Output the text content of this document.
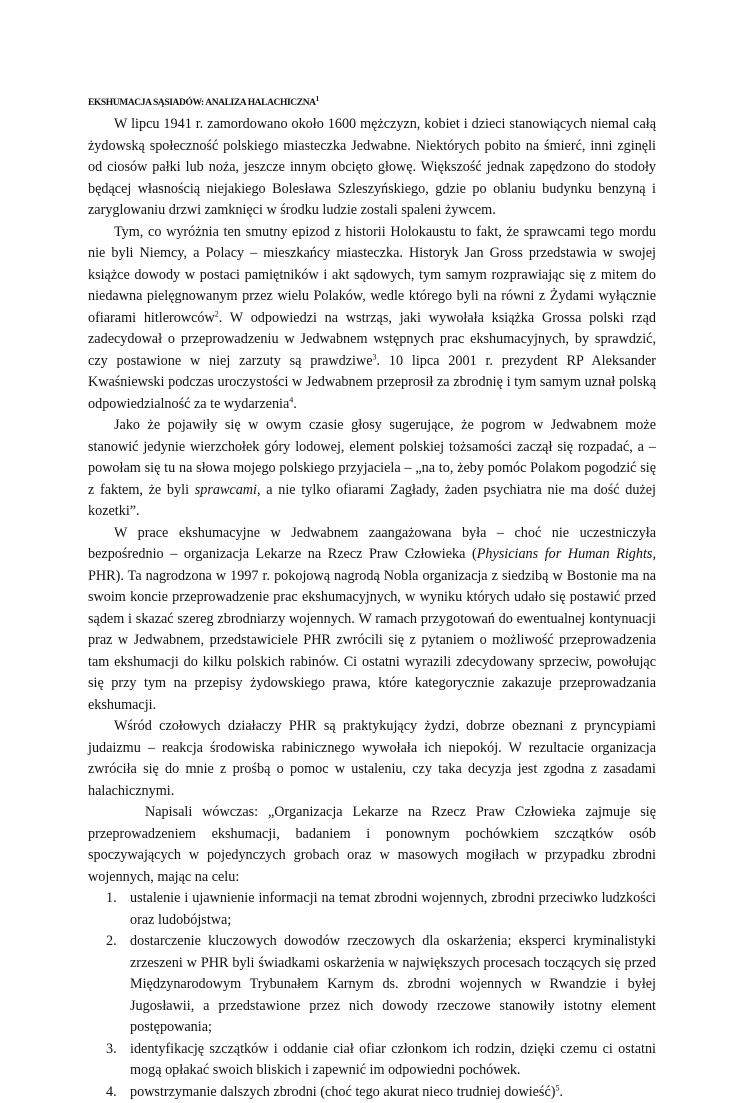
EKSHUMACJA SĄSIADÓW: ANALIZA HALACHICZNA$^1$

W lipcu 1941 r. zamordowano około 1600 mężczyzn, kobiet i dzieci stanowiących niemal całą żydowską społeczność polskiego miasteczka Jedwabne. Niektórych pobito na śmierć, inni zginęli od ciosów pałki lub noża, jeszcze innym obcięto głowę. Większość jednak zapędzono do stodoły będącej własnością niejakiego Bolesława Szleszyńskiego, gdzie po oblaniu budynku benzyną i zaryglowaniu drzwi zamknięci w środku ludzie zostali spaleni żywcem.

Tym, co wyróżnia ten smutny epizod z historii Holokaustu to fakt, że sprawcami tego mordu nie byli Niemcy, a Polacy – mieszkańcy miasteczka. Historyk Jan Gross przedstawia w swojej książce dowody w postaci pamiętników i akt sądowych, tym samym rozprawiając się z mitem do niedawna pielęgnowanym przez wielu Polaków, wedle którego byli na równi z Żydami wyłącznie ofiarami hitlerowców$^2$. W odpowiedzi na wstrząs, jaki wywołała książka Grossa polski rząd zadecydował o przeprowadzeniu w Jedwabnem wstępnych prac ekshumacyjnych, by sprawdzić, czy postawione w niej zarzuty są prawdziwe$^3$. 10 lipca 2001 r. prezydent RP Aleksander Kwaśniewski podczas uroczystości w Jedwabnem przeprosił za zbrodnię i tym samym uznał polską odpowiedzialność za te wydarzenia$^4$.

Jako że pojawiły się w owym czasie głosy sugerujące, że pogrom w Jedwabnem może stanowić jedynie wierzchołek góry lodowej, element polskiej tożsamości zaczął się rozpadać, a – powołam się tu na słowa mojego polskiego przyjaciela – „na to, żeby pomóc Polakom pogodzić się z faktem, że byli sprawcami, a nie tylko ofiarami Zagłady, żaden psychiatra nie ma dość dużej kozetki”.

W prace ekshumacyjne w Jedwabnem zaangażowana była – choć nie uczestniczyła bezpośrednio – organizacja Lekarze na Rzecz Praw Człowieka (Physicians for Human Rights, PHR). Ta nagrodzona w 1997 r. pokojową nagrodą Nobla organizacja z siedzibą w Bostonie ma na swoim koncie przeprowadzenie prac ekshumacyjnych, w wyniku których udało się postawić przed sądem i skazać szereg zbrodniarzy wojennych. W ramach przygotowań do ewentualnej kontynuacji praz w Jedwabnem, przedstawiciele PHR zwrócili się z pytaniem o możliwość przeprowadzenia tam ekshumacji do kilku polskich rabinów. Ci ostatni wyrazili zdecydowany sprzeciw, powołując się przy tym na przepisy żydowskiego prawa, które kategorycznie zakazuje przeprowadzania ekshumacji.

Wśród czołowych działaczy PHR są praktykujący żydzi, dobrze obeznani z pryncypiami judaizmu – reakcja środowiska rabinicznego wywołała ich niepokój. W rezultacie organizacja zwróciła się do mnie z prośbą o pomoc w ustaleniu, czy taka decyzja jest zgodna z zasadami halachicznymi.

Napisali wówczas: „Organizacja Lekarze na Rzecz Praw Człowieka zajmuje się przeprowadzeniem ekshumacji, badaniem i ponownym pochówkiem szczątków osób spoczywających w pojedynczych grobach oraz w masowych mogiłach w przypadku zbrodni wojennych, mając na celu:

1. ustalenie i ujawnienie informacji na temat zbrodni wojennych, zbrodni przeciwko ludzkości oraz ludobójstwa;
2. dostarczenie kluczowych dowodów rzeczowych dla oskarżenia; eksperci kryminalistyki zrzeszeni w PHR byli świadkami oskarżenia w największych procesach toczących się przed Międzynarodowym Trybunałem Karnym ds. zbrodni wojennych w Rwandzie i byłej Jugosławii, a przedstawione przez nich dowody rzeczowe stanowiły istotny element postępowania;
3. identyfikację szczątków i oddanie ciał ofiar członkom ich rodzin, dzięki czemu ci ostatni mogą opłakać swoich bliskich i zapewnić im odpowiedni pochówek.
4. powstrzymanie dalszych zbrodni (choć tego akurat nieco trudniej dowieść)$^5$.
